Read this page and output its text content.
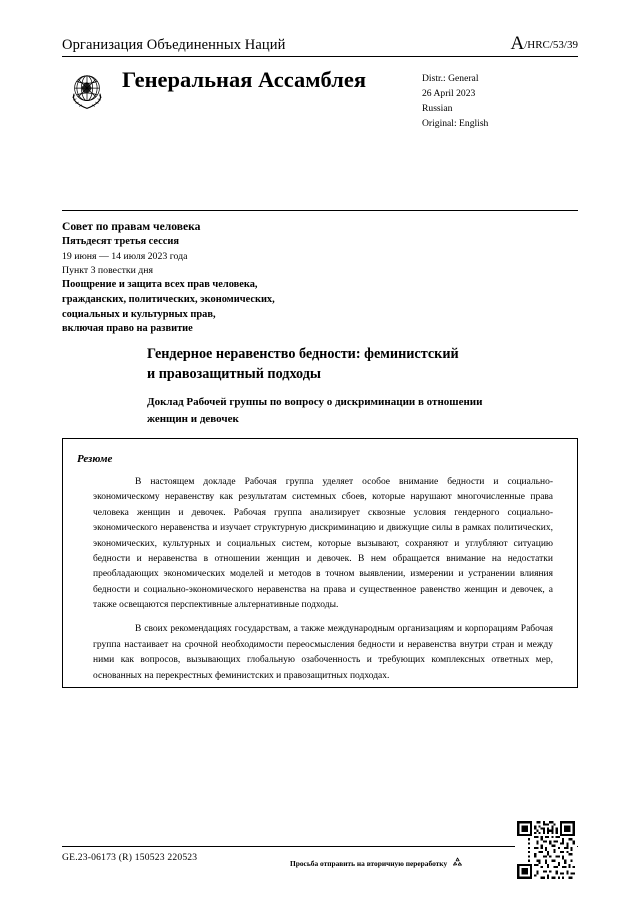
Организация Объединенных Наций	A/HRC/53/39
Генеральная Ассамблея	Distr.: General
26 April 2023
Russian
Original: English
Совет по правам человека
Пятьдесят третья сессия
19 июня — 14 июля 2023 года
Пункт 3 повестки дня
Поощрение и защита всех прав человека,
гражданских, политических, экономических,
социальных и культурных прав,
включая право на развитие
Гендерное неравенство бедности: феминистский
и правозащитный подходы
Доклад Рабочей группы по вопросу о дискриминации в отношении
женщин и девочек
Резюме

В настоящем докладе Рабочая группа уделяет особое внимание бедности и социально-экономическому неравенству как результатам системных сбоев, которые нарушают многочисленные права человека женщин и девочек. Рабочая группа анализирует сквозные условия гендерного социально-экономического неравенства и изучает структурную дискриминацию и движущие силы в рамках политических, экономических, культурных и социальных систем, которые вызывают, сохраняют и углубляют ситуацию бедности и неравенства в отношении женщин и девочек. В нем обращается внимание на недостатки преобладающих экономических моделей и методов в точном выявлении, измерении и устранении влияния бедности и социально-экономического неравенства на права и существенное равенство женщин и девочек, а также освещаются перспективные альтернативные подходы.

В своих рекомендациях государствам, а также международным организациям и корпорациям Рабочая группа настаивает на срочной необходимости переосмысления бедности и неравенства внутри стран и между ними как вопросов, вызывающих глобальную озабоченность и требующих комплексных ответных мер, основанных на перекрестных феминистских и правозащитных подходах.

GE.23-06173 (R) 150523 220523
Просьба отправить на вторичную переработку
